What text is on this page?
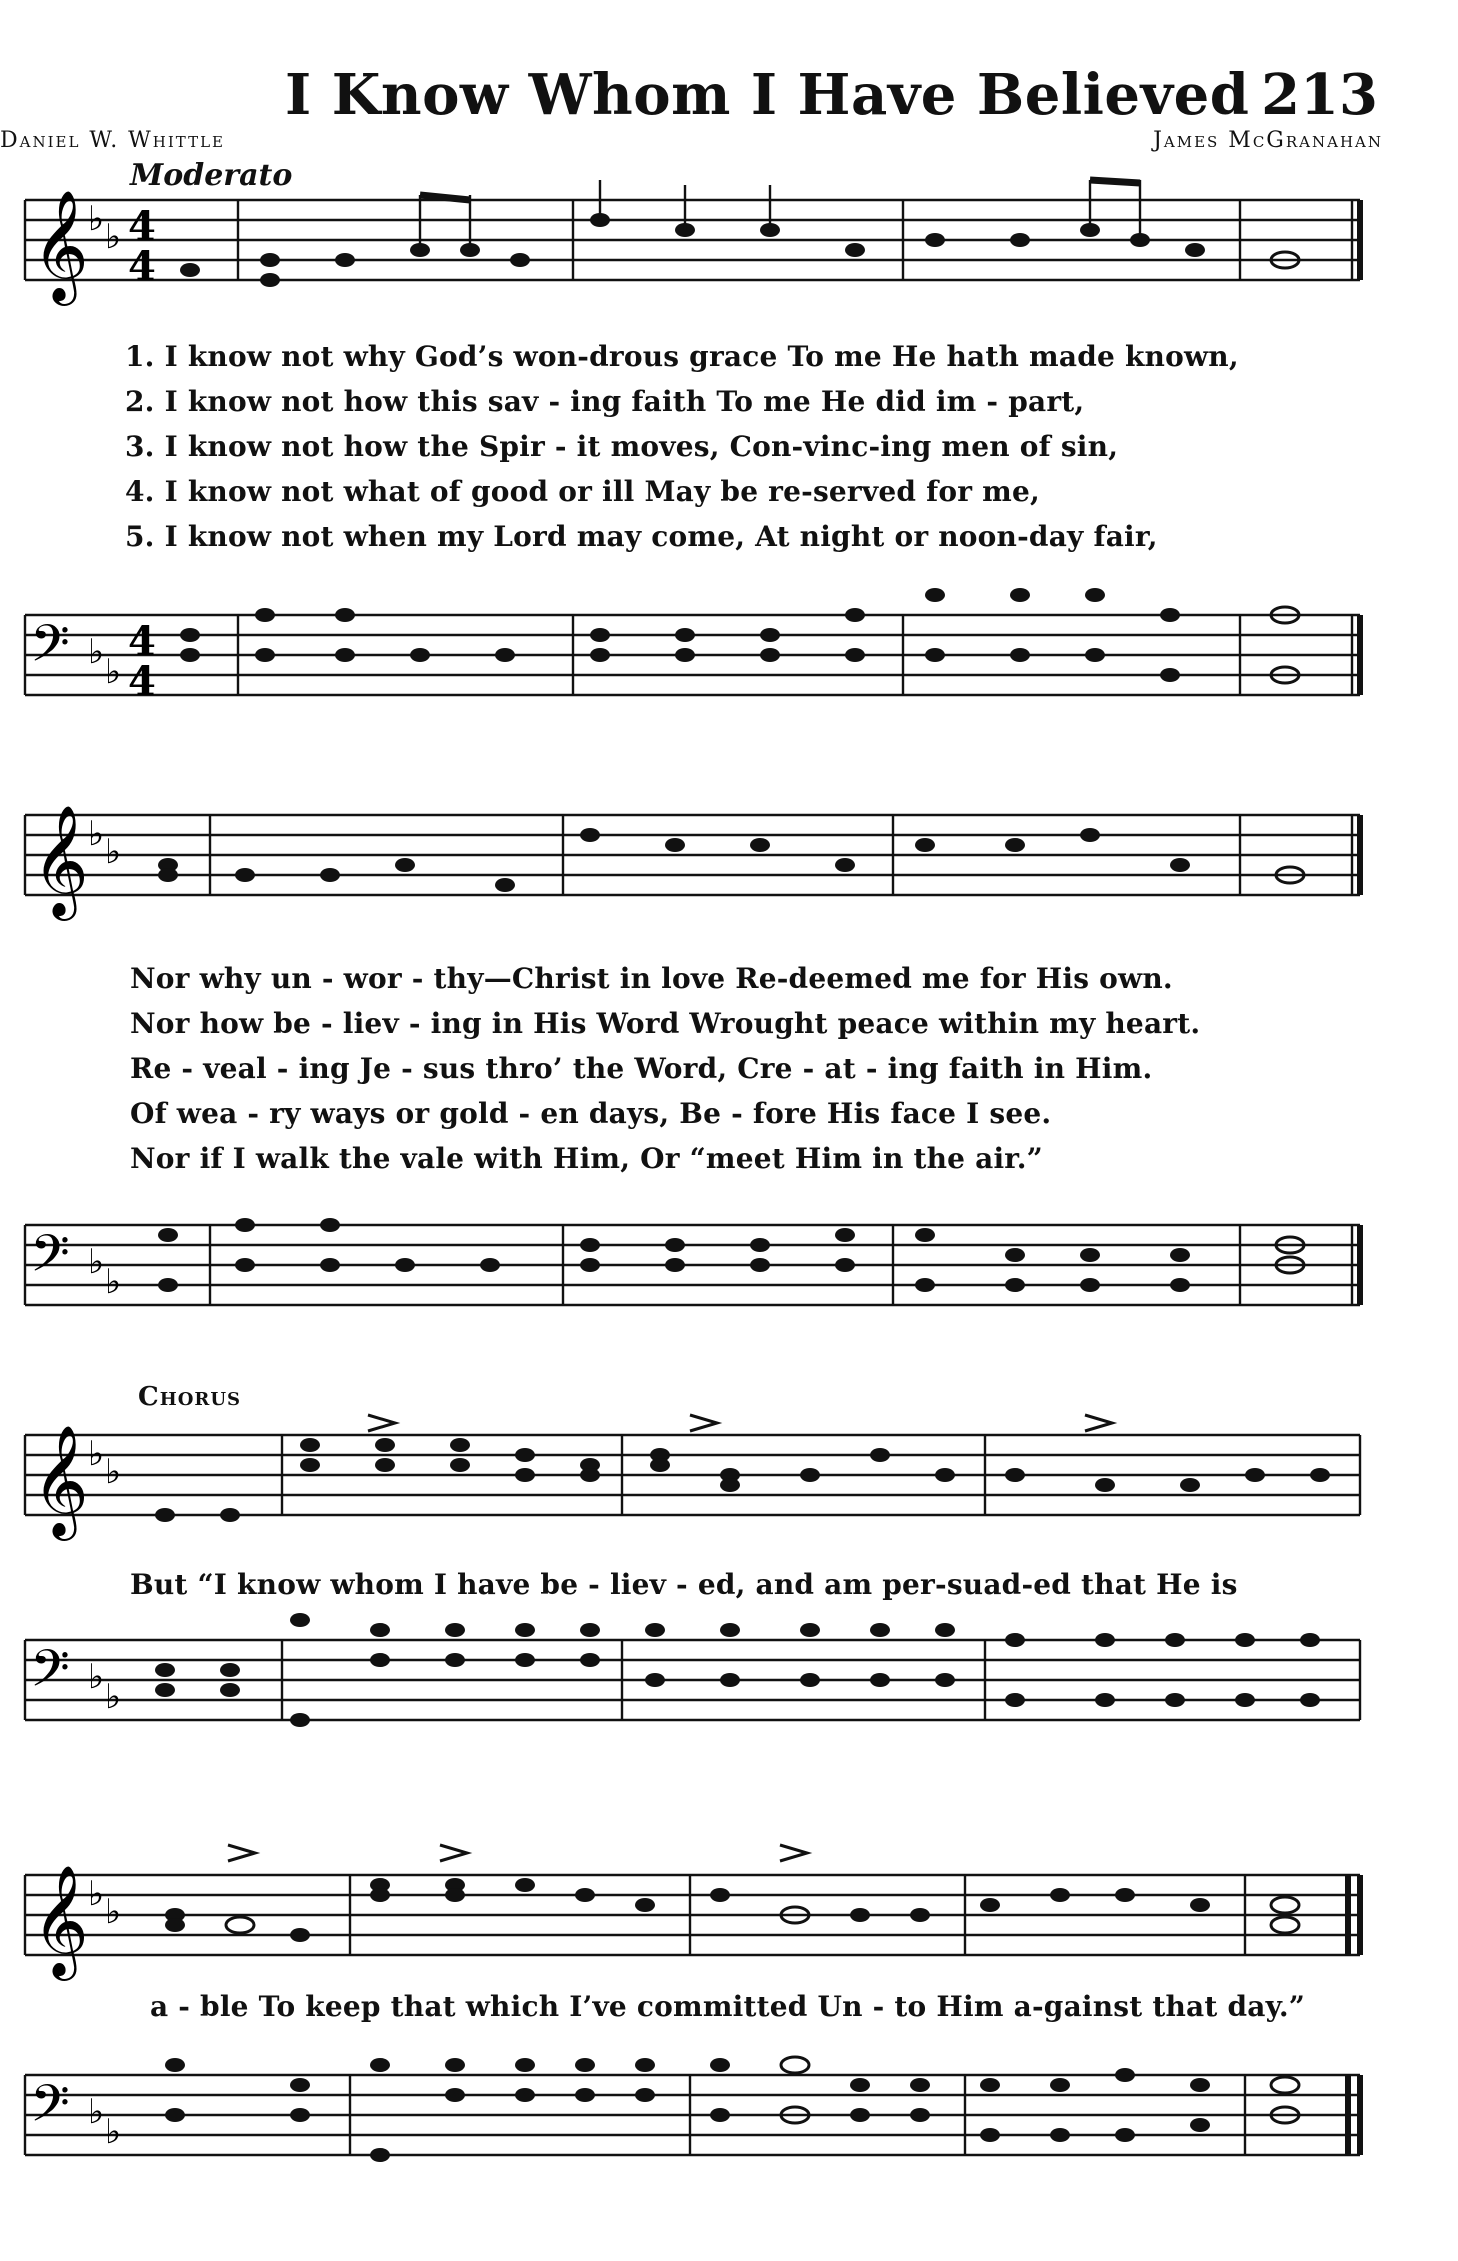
I Know Whom I Have Believed 213
Daniel W. Whittle	James McGranahan
Moderato
Chorus
𝄞 ♭ ♭ 4
4
1. I know not why God’s won-drous grace To me He hath made known,
2. I know not how this sav - ing faith To me He did im - part,
3. I know not how the Spir - it moves, Con-vinc-ing men of sin,
4. I know not what of good or ill May be re-served for me,
5. I know not when my Lord may come, At night or noon-day fair,
𝄢 ♭ ♭
4
4
𝄞 ♭ ♭
Nor why un - wor - thy—Christ in love Re-deemed me for His own.
Nor how be - liev - ing in His Word Wrought peace within my heart.
Re - veal - ing Je - sus thro’ the Word, Cre - at - ing faith in Him.
Of wea - ry ways or gold - en days, Be - fore His face I see.
Nor if I walk the vale with Him, Or “meet Him in the air.”
𝄢 ♭ ♭
𝄞 ♭ ♭
But “I know whom I have be - liev - ed, and am per-suad-ed that He is
𝄢 ♭ ♭
𝄞 ♭ ♭
a - ble To keep that which I’ve committed Un - to Him a-gainst that day.”
𝄢 ♭ ♭
